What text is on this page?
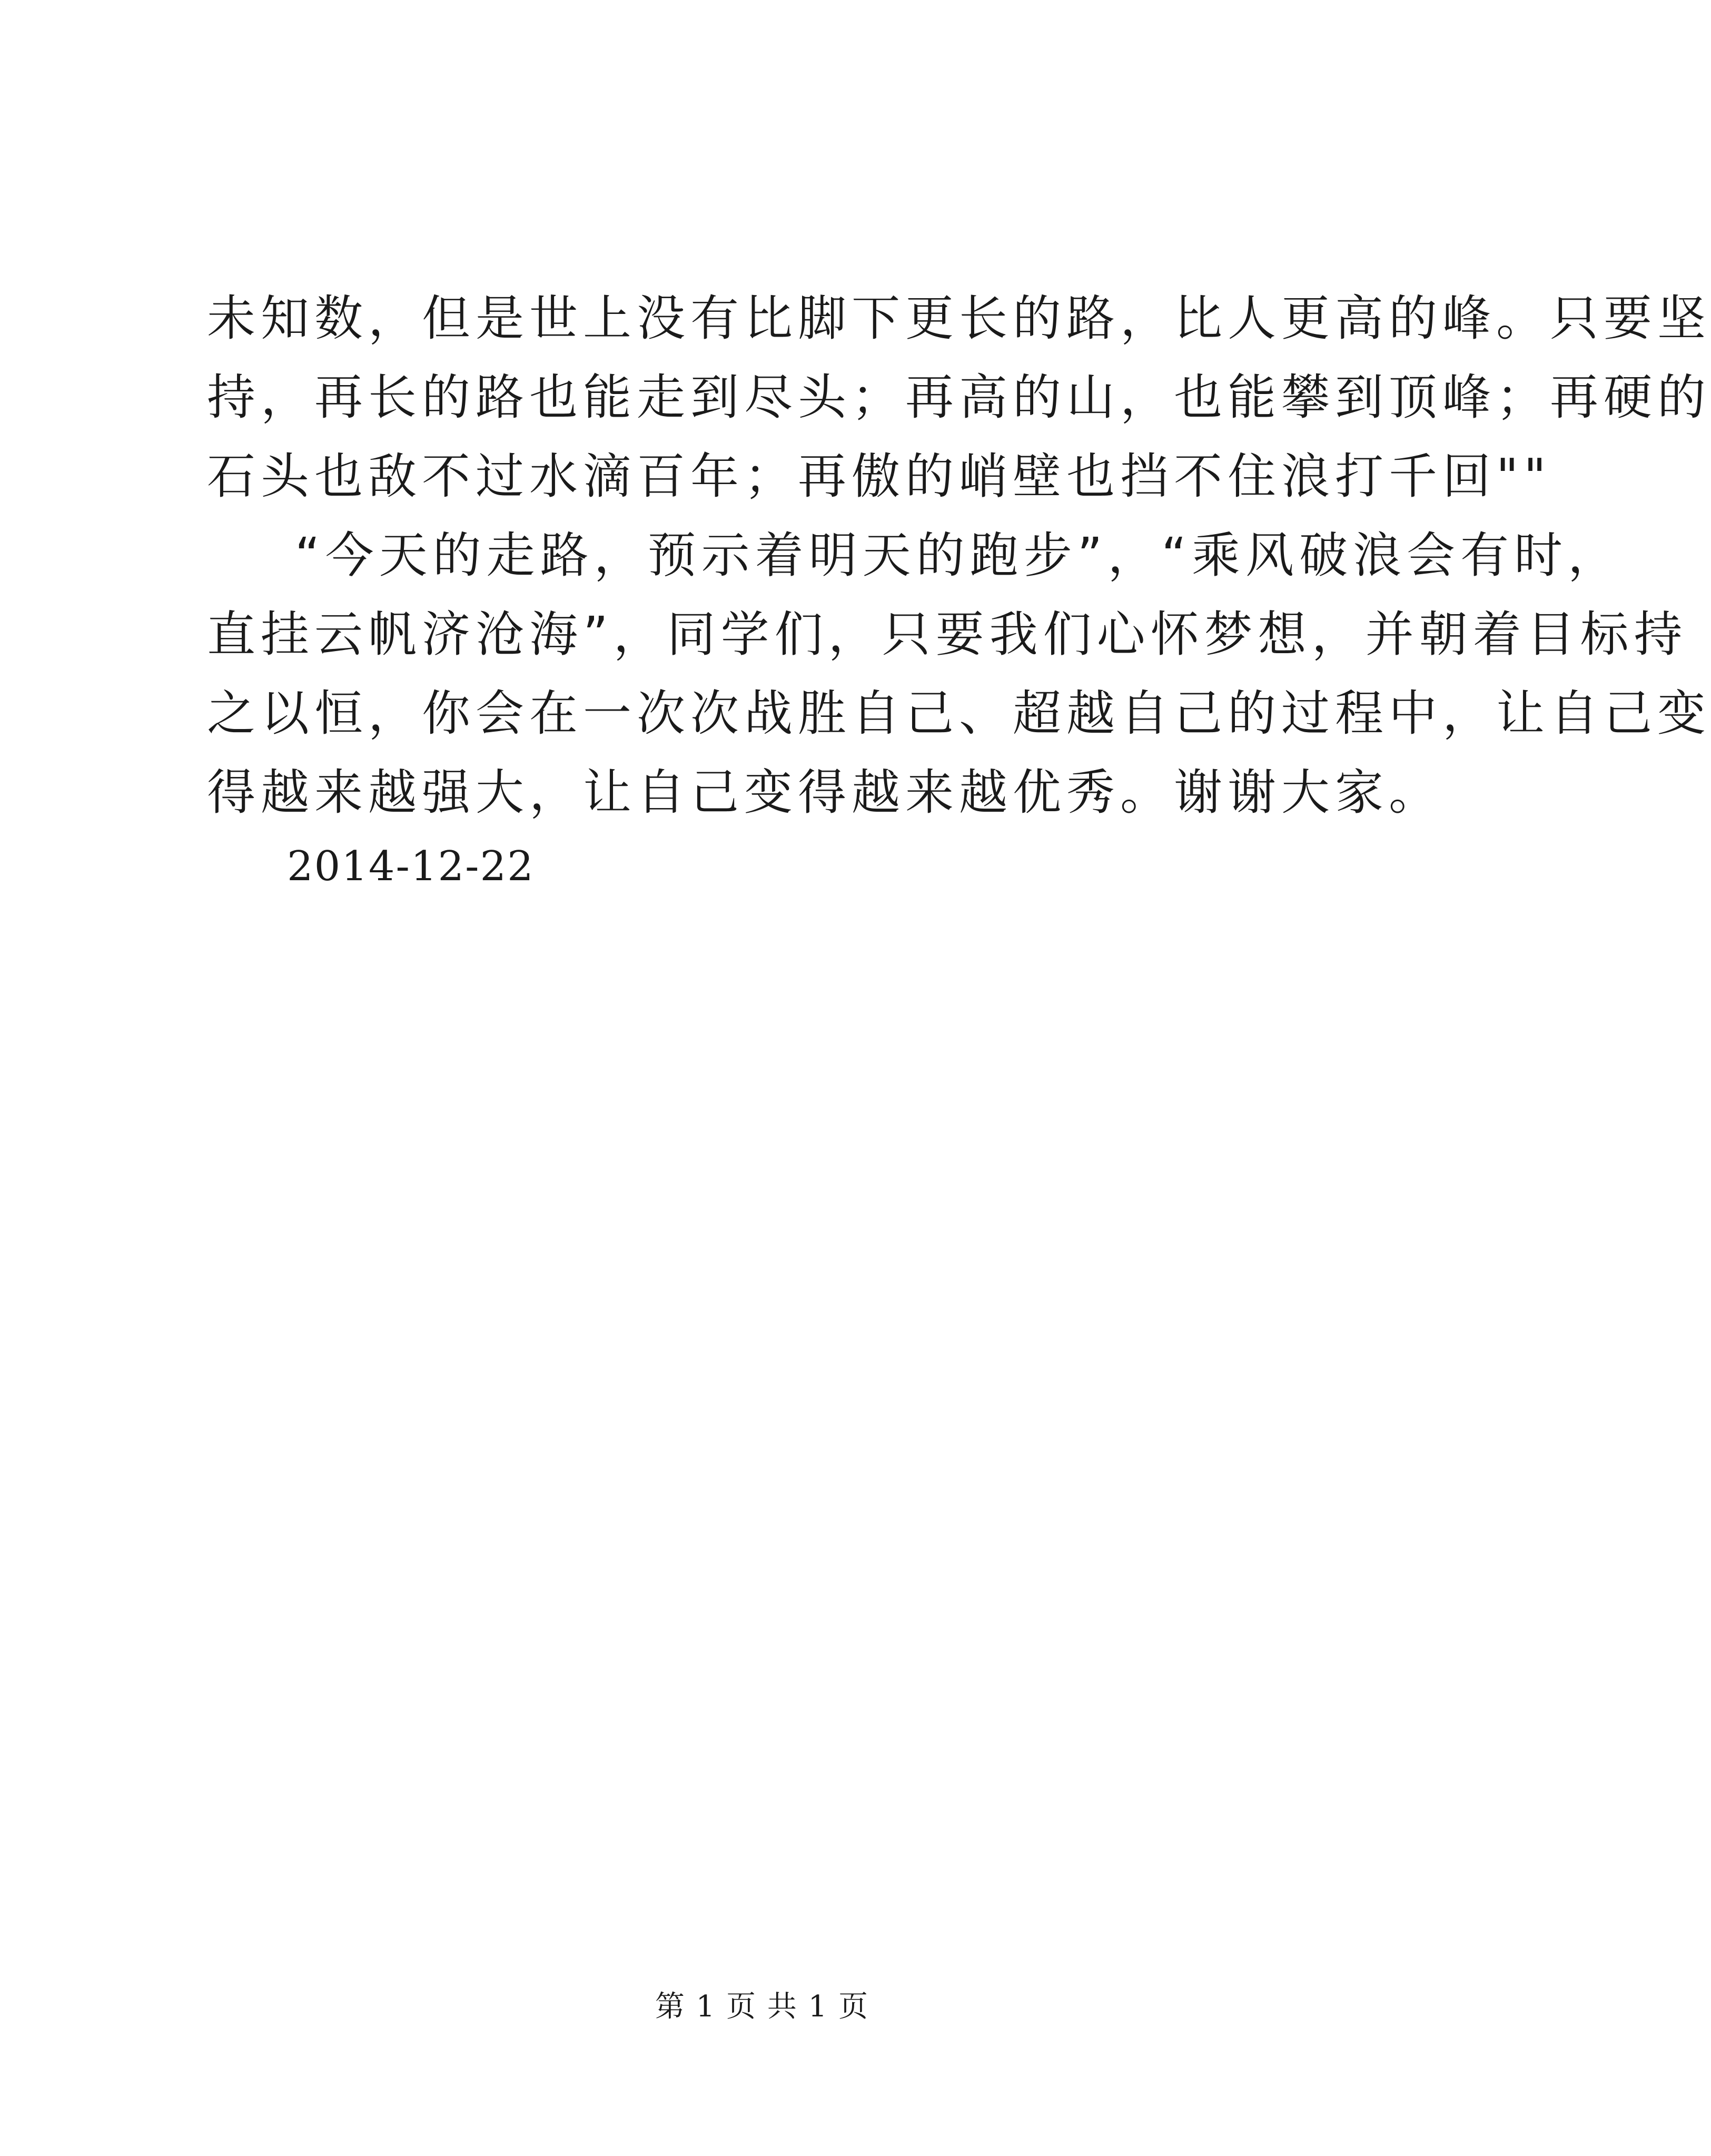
未知数，但是世上没有比脚下更长的路，比人更高的峰。只要坚
持，再长的路也能走到尽头；再高的山，也能攀到顶峰；再硬的
石头也敌不过水滴百年；再傲的峭壁也挡不住浪打千回""
“今天的走路，预示着明天的跑步”，“乘风破浪会有时，
直挂云帆济沧海”，同学们，只要我们心怀梦想，并朝着目标持
之以恒，你会在一次次战胜自己、超越自己的过程中，让自己变
得越来越强大，让自己变得越来越优秀。谢谢大家。
2014-12-22
第 1 页 共 1 页
